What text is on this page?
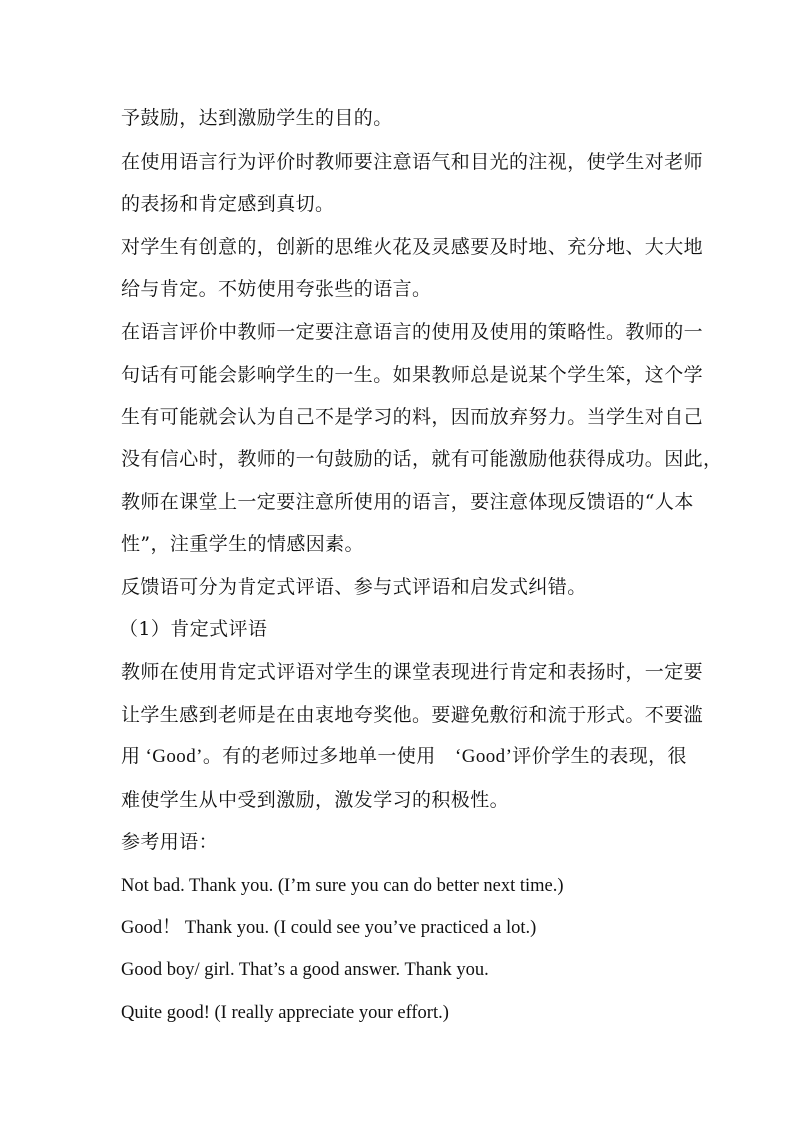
予鼓励，达到激励学生的目的。

在使用语言行为评价时教师要注意语气和目光的注视，使学生对老师

的表扬和肯定感到真切。

对学生有创意的，创新的思维火花及灵感要及时地、充分地、大大地

给与肯定。不妨使用夸张些的语言。

在语言评价中教师一定要注意语言的使用及使用的策略性。教师的一

句话有可能会影响学生的一生。如果教师总是说某个学生笨，这个学

生有可能就会认为自己不是学习的料，因而放弃努力。当学生对自己

没有信心时，教师的一句鼓励的话，就有可能激励他获得成功。因此，

教师在课堂上一定要注意所使用的语言，要注意体现反馈语的“人本

性”，注重学生的情感因素。

反馈语可分为肯定式评语、参与式评语和启发式纠错。

（1）肯定式评语

教师在使用肯定式评语对学生的课堂表现进行肯定和表扬时，一定要

让学生感到老师是在由衷地夸奖他。要避免敷衍和流于形式。不要滥

用 ‘Good’。有的老师过多地单一使用　‘Good’评价学生的表现，很

难使学生从中受到激励，激发学习的积极性。

参考用语：

Not bad. Thank you. (I’m sure you can do better next time.)

Good！ Thank you. (I could see you’ve practiced a lot.)

Good boy/ girl. That’s a good answer. Thank you.

Quite good! (I really appreciate your effort.)
